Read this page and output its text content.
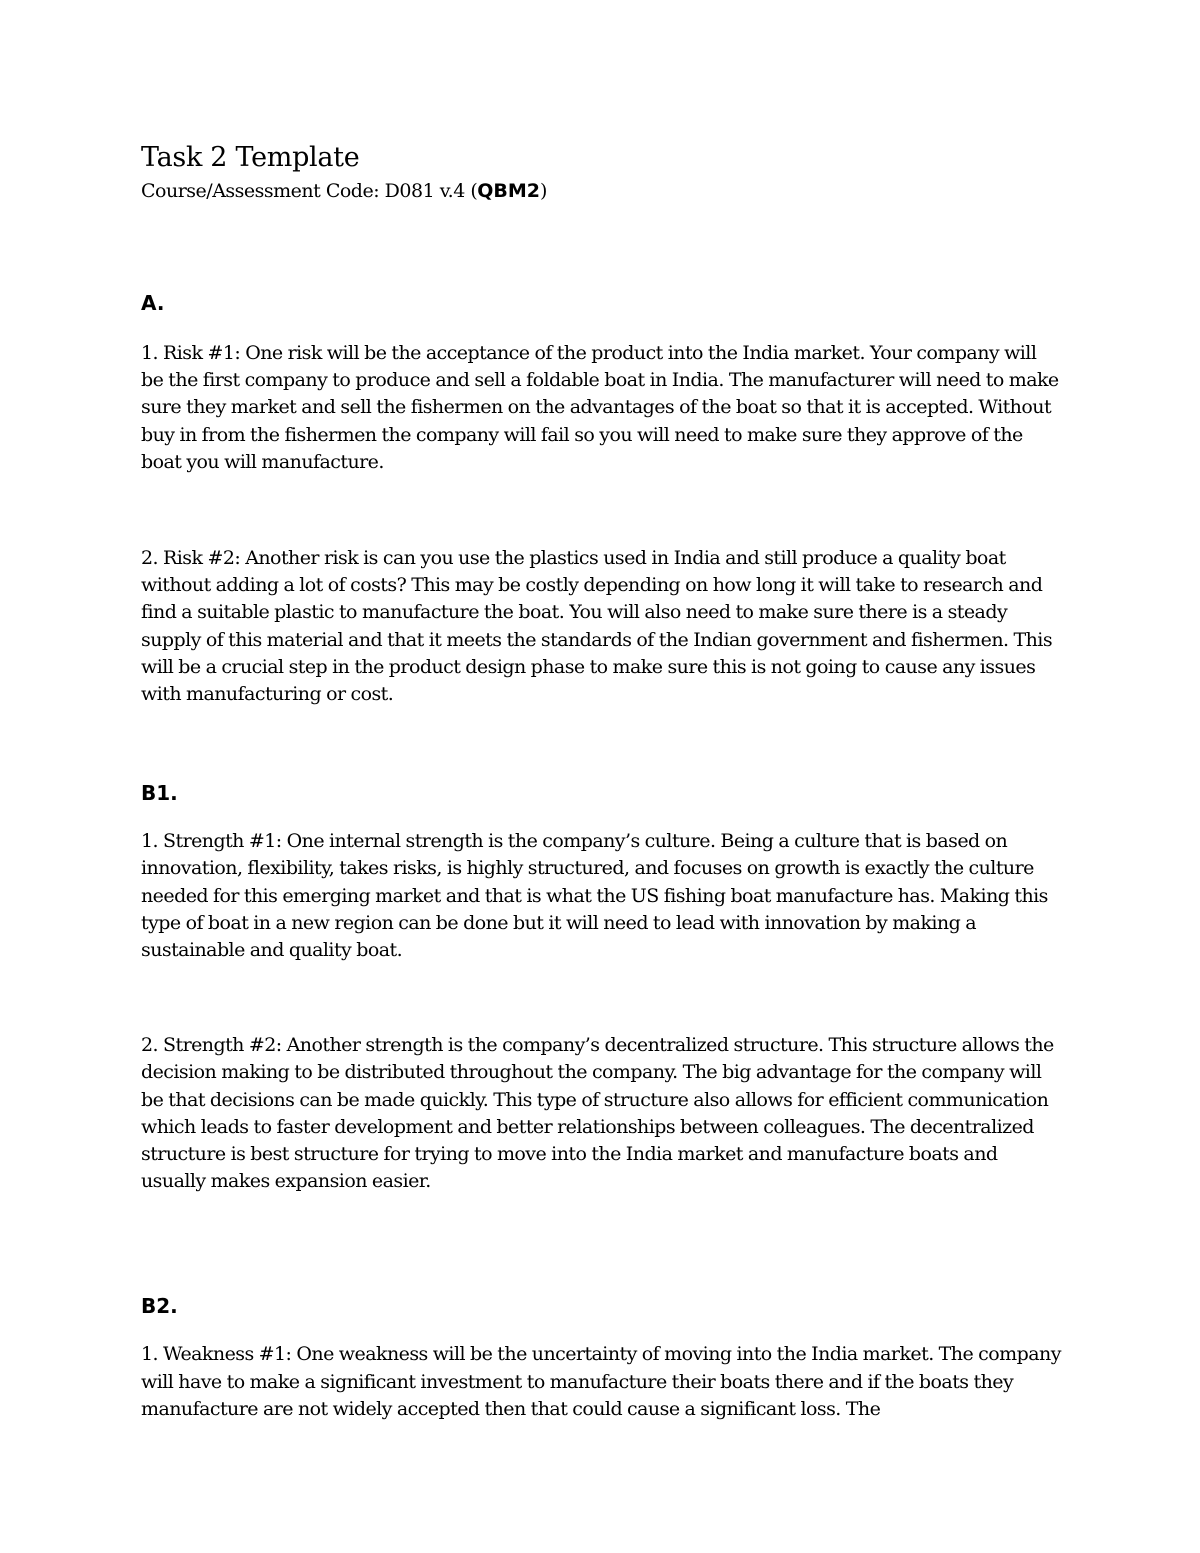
Task 2 Template

Course/Assessment Code: D081 v.4 (QBM2)

A.

1. Risk #1: One risk will be the acceptance of the product into the India market. Your company will be the first company to produce and sell a foldable boat in India. The manufacturer will need to make sure they market and sell the fishermen on the advantages of the boat so that it is accepted. Without buy in from the fishermen the company will fail so you will need to make sure they approve of the boat you will manufacture.

2. Risk #2: Another risk is can you use the plastics used in India and still produce a quality boat without adding a lot of costs? This may be costly depending on how long it will take to research and find a suitable plastic to manufacture the boat. You will also need to make sure there is a steady supply of this material and that it meets the standards of the Indian government and fishermen. This will be a crucial step in the product design phase to make sure this is not going to cause any issues with manufacturing or cost.

B1.

1. Strength #1: One internal strength is the company’s culture. Being a culture that is based on innovation, flexibility, takes risks, is highly structured, and focuses on growth is exactly the culture needed for this emerging market and that is what the US fishing boat manufacture has. Making this type of boat in a new region can be done but it will need to lead with innovation by making a sustainable and quality boat.

2. Strength #2: Another strength is the company’s decentralized structure. This structure allows the decision making to be distributed throughout the company. The big advantage for the company will be that decisions can be made quickly. This type of structure also allows for efficient communication which leads to faster development and better relationships between colleagues. The decentralized structure is best structure for trying to move into the India market and manufacture boats and usually makes expansion easier.

B2.

1. Weakness #1: One weakness will be the uncertainty of moving into the India market. The company will have to make a significant investment to manufacture their boats there and if the boats they manufacture are not widely accepted then that could cause a significant loss. The
